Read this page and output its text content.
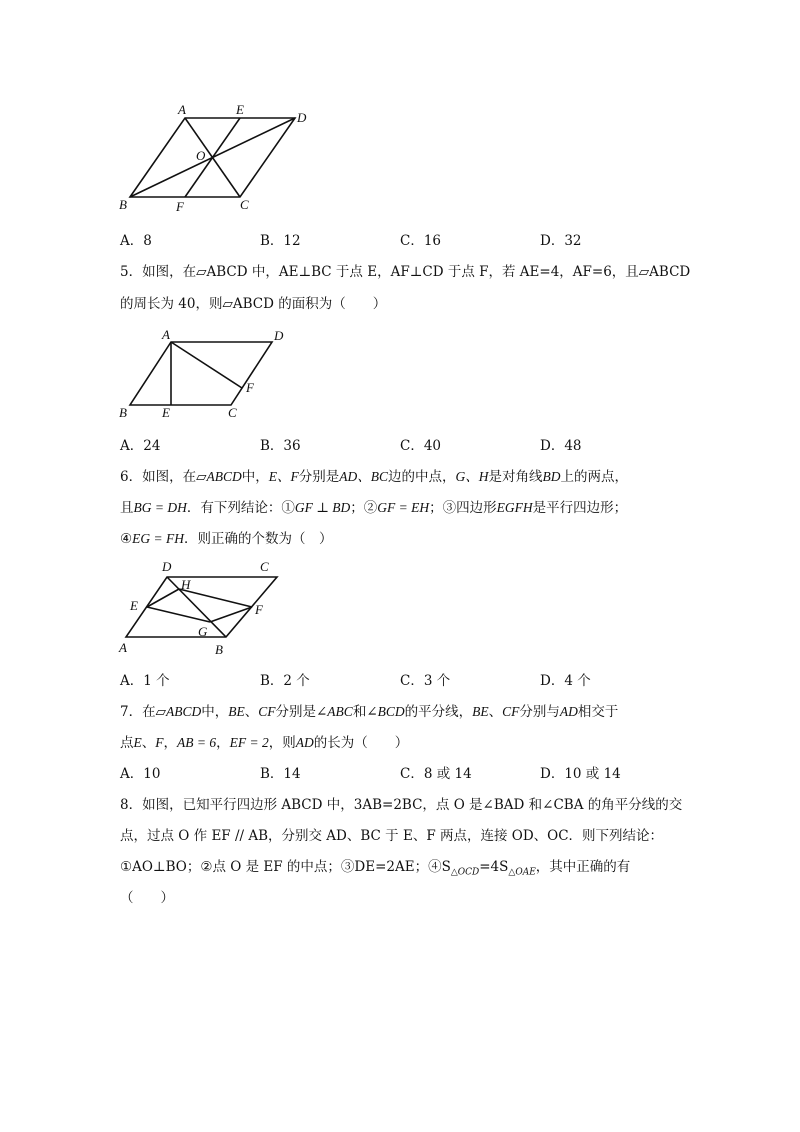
A	E
D
O
B	F	C
A．8	B．12	C．16	D．32
5．如图，在▱ABCD 中，AE⊥BC 于点 E，AF⊥CD 于点 F，若 AE=4，AF=6，且▱ABCD
的周长为 40，则▱ABCD 的面积为（　　）
A	D
F
B	E	C
A．24	B．36	C．40	D．48
6．如图，在▱ABCD中，E、F分别是AD、BC边的中点，G、H是对角线BD上的两点，
且BG = DH．有下列结论：①GF ⊥ BD；②GF = EH；③四边形EGFH是平行四边形；
④EG = FH．则正确的个数为（　）
D	C
H
E	F
G
A	B
A．1 个	B．2 个	C．3 个	D．4 个
7．在▱ABCD中，BE、CF分别是∠ABC和∠BCD的平分线，BE、CF分别与AD相交于
点E、F，AB = 6，EF = 2，则AD的长为（　　）
A．10	B．14	C．8 或 14	D．10 或 14
8．如图，已知平行四边形 ABCD 中，3AB=2BC，点 O 是∠BAD 和∠CBA 的角平分线的交
点，过点 O 作 EF // AB，分别交 AD、BC 于 E、F 两点，连接 OD、OC．则下列结论：
①AO⊥BO；②点 O 是 EF 的中点；③DE=2AE；$④S_{\triangle OCD}=4S_{\triangle OAE}$，其中正确的有
（　　）
